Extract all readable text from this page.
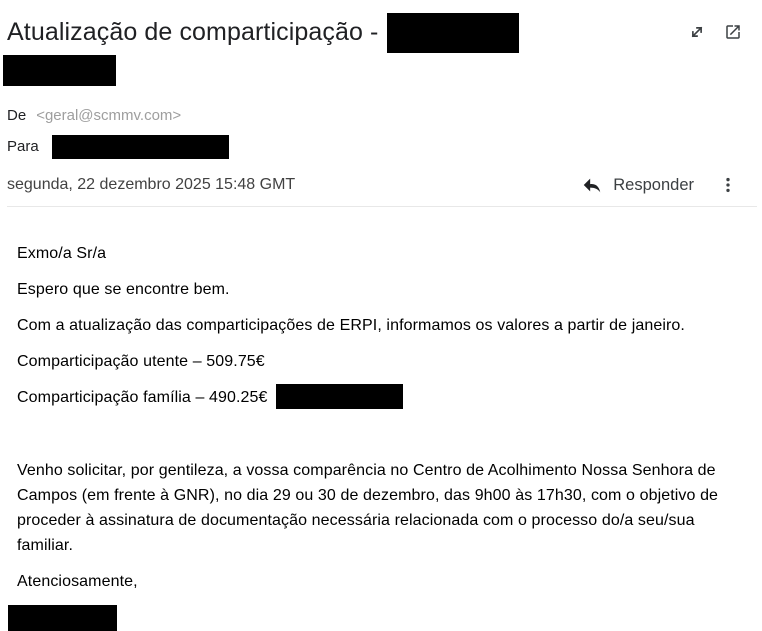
Atualização de comparticipação -
De <geral@scmmv.com>
Para
segunda, 22 dezembro 2025 15:48 GMT	Responder

Exmo/a Sr/a

Espero que se encontre bem.

Com a atualização das comparticipações de ERPI, informamos os valores a partir de janeiro.

Comparticipação utente – 509.75€

Comparticipação família – 490.25€

Venho solicitar, por gentileza, a vossa comparência no Centro de Acolhimento Nossa Senhora de Campos (em frente à GNR), no dia 29 ou 30 de dezembro, das 9h00 às 17h30, com o objetivo de proceder à assinatura de documentação necessária relacionada com o processo do/a seu/sua familiar.

Atenciosamente,
